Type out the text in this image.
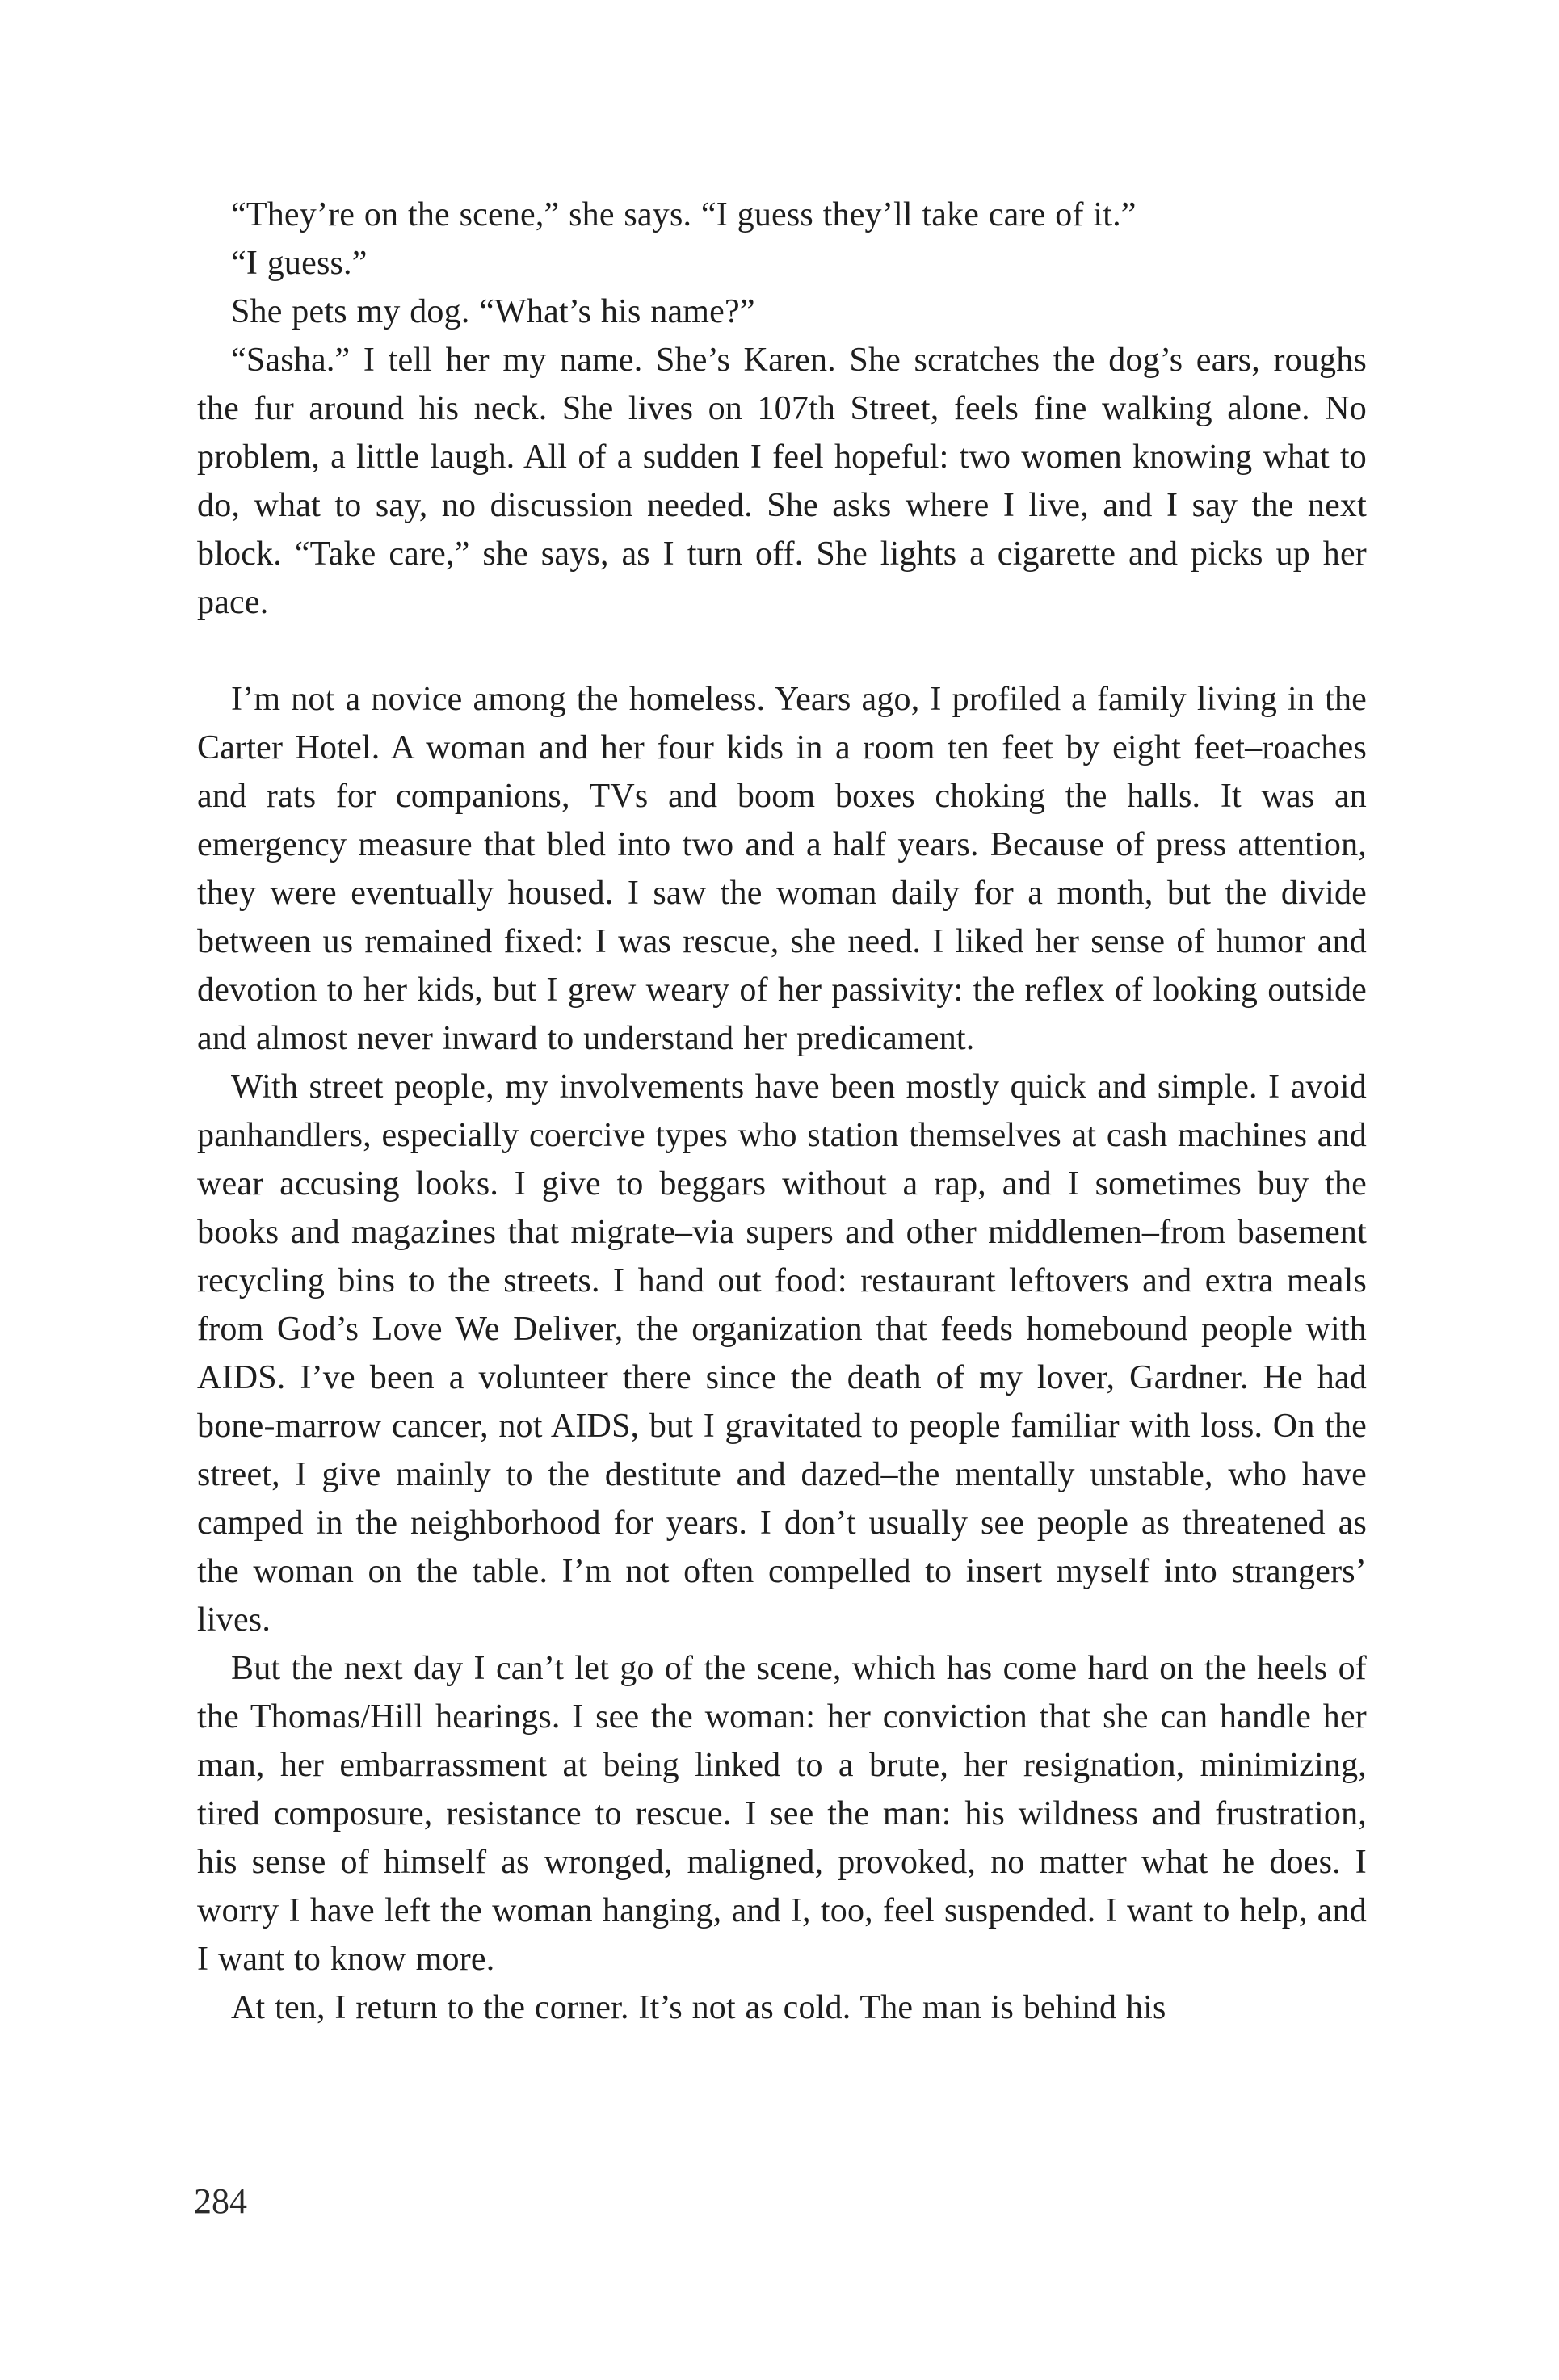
“They’re on the scene,” she says. “I guess they’ll take care of it.”

“I guess.”

She pets my dog. “What’s his name?”

“Sasha.” I tell her my name. She’s Karen. She scratches the dog’s ears, roughs the fur around his neck. She lives on 107th Street, feels fine walking alone. No problem, a little laugh. All of a sudden I feel hopeful: two women knowing what to do, what to say, no discussion needed. She asks where I live, and I say the next block. “Take care,” she says, as I turn off. She lights a cigarette and picks up her pace.

I’m not a novice among the homeless. Years ago, I profiled a family living in the Carter Hotel. A woman and her four kids in a room ten feet by eight feet–roaches and rats for companions, TVs and boom boxes choking the halls. It was an emergency measure that bled into two and a half years. Because of press attention, they were eventually housed. I saw the woman daily for a month, but the divide between us remained fixed: I was rescue, she need. I liked her sense of humor and devotion to her kids, but I grew weary of her passivity: the reflex of looking outside and almost never inward to understand her predicament.

With street people, my involvements have been mostly quick and simple. I avoid panhandlers, especially coercive types who station themselves at cash machines and wear accusing looks. I give to beggars without a rap, and I sometimes buy the books and magazines that migrate–via supers and other middlemen–from basement recycling bins to the streets. I hand out food: restaurant leftovers and extra meals from God’s Love We Deliver, the organization that feeds homebound people with AIDS. I’ve been a volunteer there since the death of my lover, Gardner. He had bone-marrow cancer, not AIDS, but I gravitated to people familiar with loss. On the street, I give mainly to the destitute and dazed–the mentally unstable, who have camped in the neighborhood for years. I don’t usually see people as threatened as the woman on the table. I’m not often compelled to insert myself into strangers’ lives.

But the next day I can’t let go of the scene, which has come hard on the heels of the Thomas/Hill hearings. I see the woman: her conviction that she can handle her man, her embarrassment at being linked to a brute, her resignation, minimizing, tired composure, resistance to rescue. I see the man: his wildness and frustration, his sense of himself as wronged, maligned, provoked, no matter what he does. I worry I have left the woman hanging, and I, too, feel suspended. I want to help, and I want to know more.

At ten, I return to the corner. It’s not as cold. The man is behind his

284
